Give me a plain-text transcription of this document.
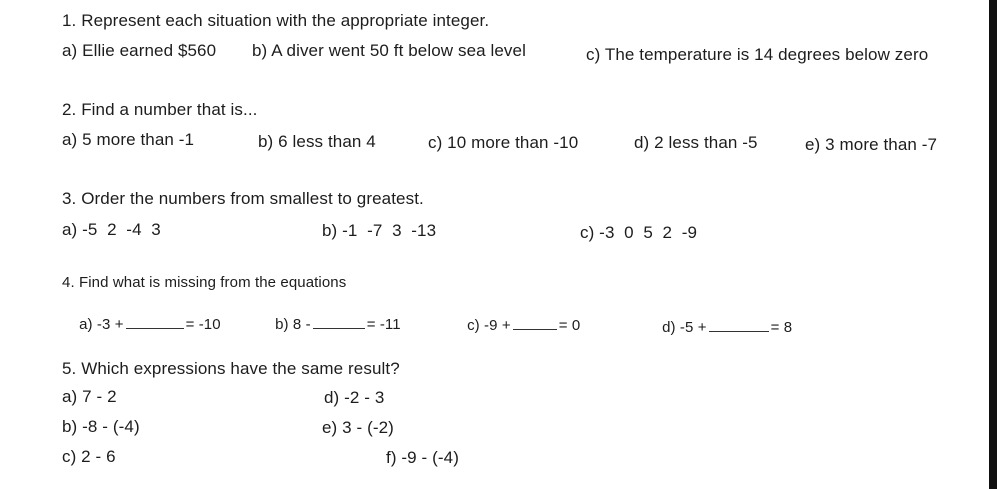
1. Represent each situation with the appropriate integer.
a) Ellie earned $560 b) A diver went 50 ft below sea level	c) The temperature is 14 degrees below zero
2. Find a number that is...
a) 5 more than -1	b) 6 less than 4	c) 10 more than -10	d) 2 less than -5	e) 3 more than -7
3. Order the numbers from smallest to greatest.
a) -5  2  -4  3	b) -1  -7  3  -13	c) -3  0  5  2  -9
4. Find what is missing from the equations

a) -3 +	= -10
	b) 8 -	= -11
	c) -9 +	= 0
	d) -5 +	= 8

5. Which expressions have the same result?
a) 7 - 2
b) -8 - (-4)
c) 2 - 6
d) -2 - 3
e) 3 - (-2)
f) -9 - (-4)
